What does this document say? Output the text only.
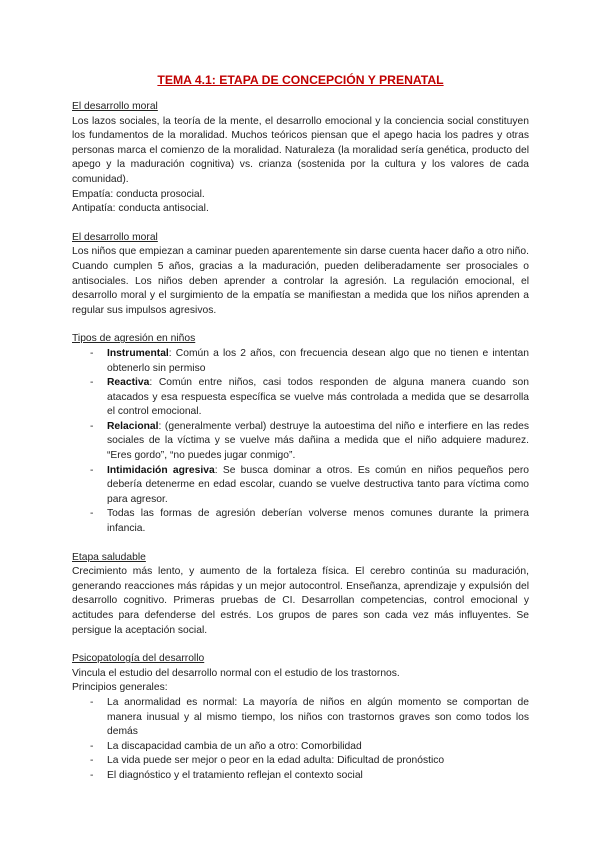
TEMA 4.1: ETAPA DE CONCEPCIÓN Y PRENATAL
El desarrollo moral

Los lazos sociales, la teoría de la mente, el desarrollo emocional y la conciencia social constituyen los fundamentos de la moralidad. Muchos teóricos piensan que el apego hacia los padres y otras personas marca el comienzo de la moralidad. Naturaleza (la moralidad sería genética, producto del apego y la maduración cognitiva) vs. crianza (sostenida por la cultura y los valores de cada comunidad).

Empatía: conducta prosocial.

Antipatía: conducta antisocial.

El desarrollo moral

Los niños que empiezan a caminar pueden aparentemente sin darse cuenta hacer daño a otro niño. Cuando cumplen 5 años, gracias a la maduración, pueden deliberadamente ser prosociales o antisociales. Los niños deben aprender a controlar la agresión. La regulación emocional, el desarrollo moral y el surgimiento de la empatía se manifiestan a medida que los niños aprenden a regular sus impulsos agresivos.

Tipos de agresión en niños
- Instrumental: Común a los 2 años, con frecuencia desean algo que no tienen e intentan obtenerlo sin permiso
- Reactiva: Común entre niños, casi todos responden de alguna manera cuando son atacados y esa respuesta específica se vuelve más controlada a medida que se desarrolla el control emocional.
- Relacional: (generalmente verbal) destruye la autoestima del niño e interfiere en las redes sociales de la víctima y se vuelve más dañina a medida que el niño adquiere madurez. “Eres gordo”, “no puedes jugar conmigo”.
- Intimidación agresiva: Se busca dominar a otros. Es común en niños pequeños pero debería detenerme en edad escolar, cuando se vuelve destructiva tanto para víctima como para agresor.
- Todas las formas de agresión deberían volverse menos comunes durante la primera infancia.
Etapa saludable

Crecimiento más lento, y aumento de la fortaleza física. El cerebro continúa su maduración, generando reacciones más rápidas y un mejor autocontrol. Enseñanza, aprendizaje y expulsión del desarrollo cognitivo. Primeras pruebas de CI. Desarrollan competencias, control emocional y actitudes para defenderse del estrés. Los grupos de pares son cada vez más influyentes. Se persigue la aceptación social.

Psicopatología del desarrollo

Vincula el estudio del desarrollo normal con el estudio de los trastornos.

Principios generales:

- La anormalidad es normal: La mayoría de niños en algún momento se comportan de manera inusual y al mismo tiempo, los niños con trastornos graves son como todos los demás
- La discapacidad cambia de un año a otro: Comorbilidad
- La vida puede ser mejor o peor en la edad adulta: Dificultad de pronóstico
- El diagnóstico y el tratamiento reflejan el contexto social
